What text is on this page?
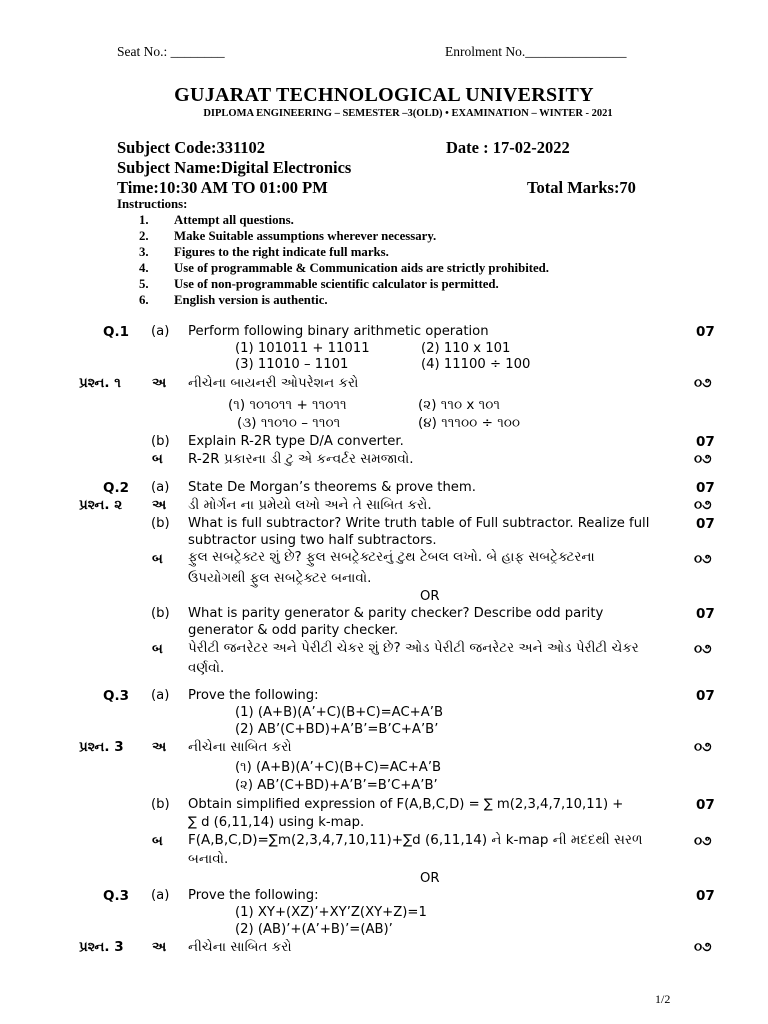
Seat No.: ________	Enrolment No._______________
GUJARAT TECHNOLOGICAL UNIVERSITY
DIPLOMA ENGINEERING – SEMESTER –3(OLD) • EXAMINATION – WINTER - 2021
Subject Code:331102	Date : 17-02-2022
Subject Name:Digital Electronics
Time:10:30 AM TO 01:00 PM	Total Marks:70
Instructions:
1. Attempt all questions.
2. Make Suitable assumptions wherever necessary.
3. Figures to the right indicate full marks.
4. Use of programmable & Communication aids are strictly prohibited.
5. Use of non-programmable scientific calculator is permitted.
6. English version is authentic.
Q.1 (a) Perform following binary arithmetic operation	07
(1) 101011 + 11011	(2) 110 x 101
(3) 11010 – 1101	(4) 11100 ÷ 100
પ્રશ્ન. ૧ અ નીચેના બાયનરી ઓપરેશન કરો	૦૭
(૧) ૧૦૧૦૧૧ + ૧૧૦૧૧	(૨) ૧૧૦ x ૧૦૧
(૩) ૧૧૦૧૦ – ૧૧૦૧	(૪) ૧૧૧૦૦ ÷ ૧૦૦
(b) Explain R-2R type D/A converter.	07
બ R-2R પ્રકારના ડી ટુ એ કન્વર્ટર સમજાવો.	૦૭
Q.2 (a) State De Morgan’s theorems & prove them.	07
પ્રશ્ન. ૨ અ ડી મોર્ગન ના પ્રમેયો લખો અને તે સાબિત કરો.	૦૭
(b) What is full subtractor? Write truth table of Full subtractor. Realize full	07
subtractor using two half subtractors.
બ ફુલ સબટ્રેક્ટર શું છે? ફુલ સબટ્રેક્ટરનું ટુથ ટેબલ લખો. બે હાફ સબટ્રેક્ટરના	૦૭
ઉપયોગથી ફુલ સબટ્રેક્ટર બનાવો.
OR
(b) What is parity generator & parity checker? Describe odd parity	07
generator & odd parity checker.
બ પેરીટી જનરેટર અને પેરીટી ચેકર શું છે? ઓડ પેરીટી જનરેટર અને ઓડ પેરીટી ચેકર	૦૭
વર્ણવો.
Q.3 (a) Prove the following:	07
(1) (A+B)(A’+C)(B+C)=AC+A’B
(2) AB’(C+BD)+A’B’=B’C+A’B’
પ્રશ્ન. 3 અ નીચેના સાબિત કરો	૦૭
(૧) (A+B)(A’+C)(B+C)=AC+A’B
(૨) AB’(C+BD)+A’B’=B’C+A’B’
(b) Obtain simplified expression of F(A,B,C,D) = ∑ m(2,3,4,7,10,11) +	07
∑ d (6,11,14) using k-map.
બ F(A,B,C,D)=∑m(2,3,4,7,10,11)+∑d (6,11,14) ને k-map ની મદદથી સરળ	૦૭
બનાવો.
OR
Q.3 (a) Prove the following:	07
(1) XY+(XZ)’+XY’Z(XY+Z)=1
(2) (AB)’+(A’+B)’=(AB)’
પ્રશ્ન. 3 અ નીચેના સાબિત કરો	૦૭
1/2
